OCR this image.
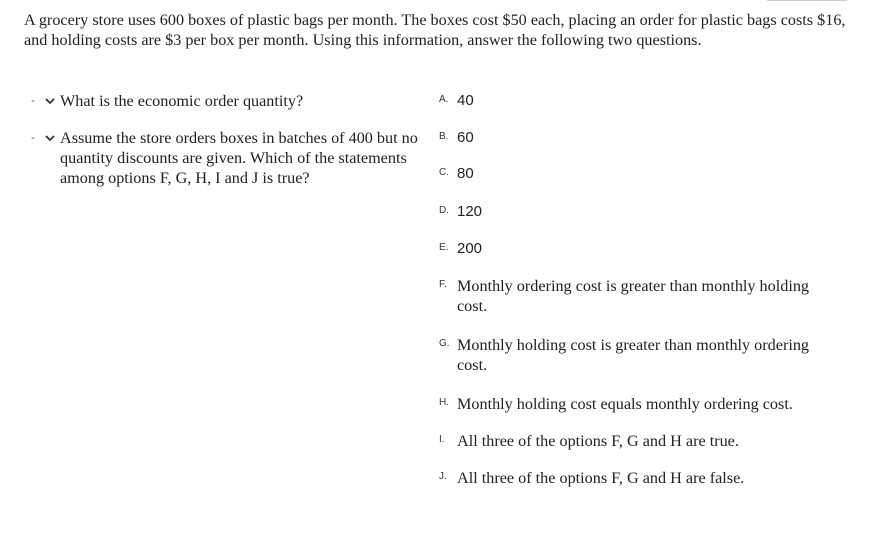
A grocery store uses 600 boxes of plastic bags per month. The boxes cost $50 each, placing an order for plastic bags costs $16, and holding costs are $3 per box per month. Using this information, answer the following two questions.

- What is the economic order quantity?
- Assume the store orders boxes in batches of 400 but no quantity discounts are given. Which of the statements among options F, G, H, I and J is true?
A. 40
B. 60
C. 80
D. 120
E. 200
F. Monthly ordering cost is greater than monthly holding cost.
G. Monthly holding cost is greater than monthly ordering cost.
H. Monthly holding cost equals monthly ordering cost.
I. All three of the options F, G and H are true.
J. All three of the options F, G and H are false.
